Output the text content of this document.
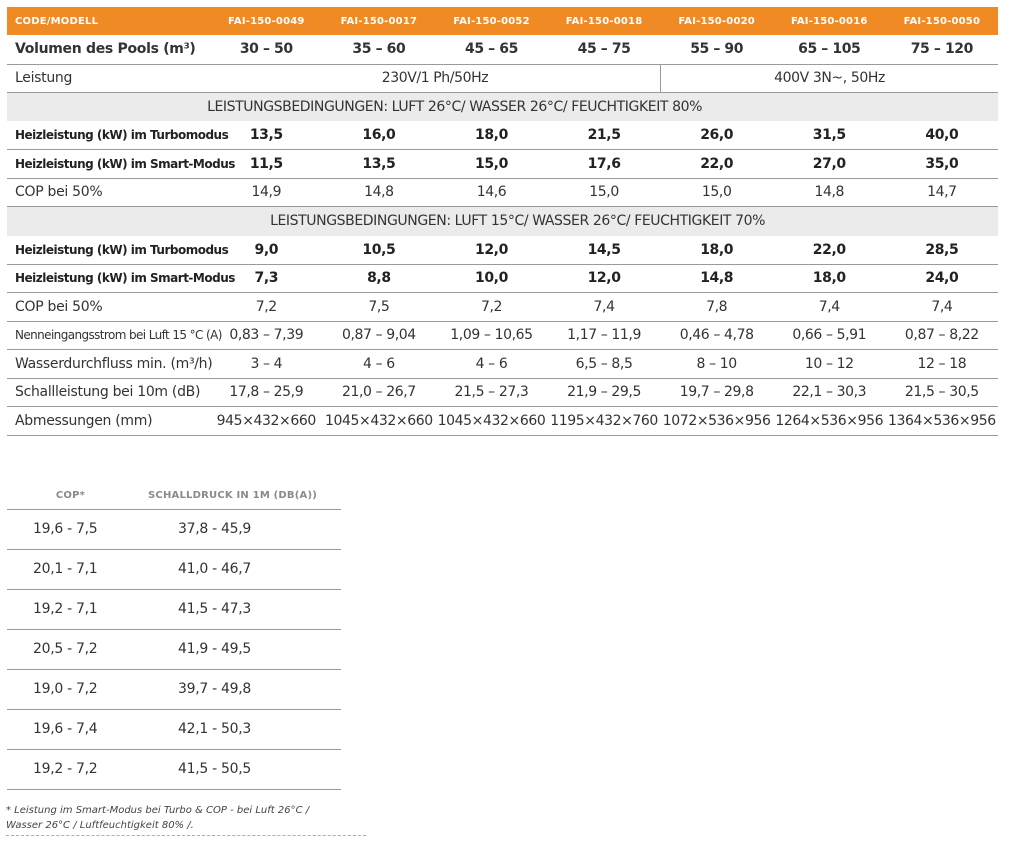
CODE/MODELL	FAI-150-0049	FAI-150-0017	FAI-150-0052	FAI-150-0018	FAI-150-0020	FAI-150-0016	FAI-150-0050
Volumen des Pools (m³)	30 – 50	35 – 60	45 – 65	45 – 75	55 – 90	65 – 105	75 – 120
Leistung	230V/1 Ph/50Hz				400V 3N~, 50Hz		
LEISTUNGSBEDINGUNGEN: LUFT 26°C/ WASSER 26°C/ FEUCHTIGKEIT 80%							
Heizleistung (kW) im Turbomodus	13,5	16,0	18,0	21,5	26,0	31,5	40,0
Heizleistung (kW) im Smart-Modus	11,5	13,5	15,0	17,6	22,0	27,0	35,0
COP bei 50%	14,9	14,8	14,6	15,0	15,0	14,8	14,7
LEISTUNGSBEDINGUNGEN: LUFT 15°C/ WASSER 26°C/ FEUCHTIGKEIT 70%							
Heizleistung (kW) im Turbomodus	9,0	10,5	12,0	14,5	18,0	22,0	28,5
Heizleistung (kW) im Smart-Modus	7,3	8,8	10,0	12,0	14,8	18,0	24,0
COP bei 50%	7,2	7,5	7,2	7,4	7,8	7,4	7,4
Nenneingangsstrom bei Luft 15 °C (A)	0,83 – 7,39	0,87 – 9,04	1,09 – 10,65	1,17 – 11,9	0,46 – 4,78	0,66 – 5,91	0,87 – 8,22
Wasserdurchfluss min. (m³/h)	3 – 4	4 – 6	4 – 6	6,5 – 8,5	8 – 10	10 – 12	12 – 18
Schallleistung bei 10m (dB)	17,8 – 25,9	21,0 – 26,7	21,5 – 27,3	21,9 – 29,5	19,7 – 29,8	22,1 – 30,3	21,5 – 30,5
Abmessungen (mm)	945×432×660	1045×432×660	1045×432×660	1195×432×760	1072×536×956	1264×536×956	1364×536×956
COP*	SCHALLDRUCK IN 1M (DB(A))
19,6 - 7,5	37,8 - 45,9
20,1 - 7,1	41,0 - 46,7
19,2 - 7,1	41,5 - 47,3
20,5 - 7,2	41,9 - 49,5
19,0 - 7,2	39,7 - 49,8
19,6 - 7,4	42,1 - 50,3
19,2 - 7,2	41,5 - 50,5
* Leistung im Smart-Modus bei Turbo & COP - bei Luft 26°C /
Wasser 26°C / Luftfeuchtigkeit 80% /.
